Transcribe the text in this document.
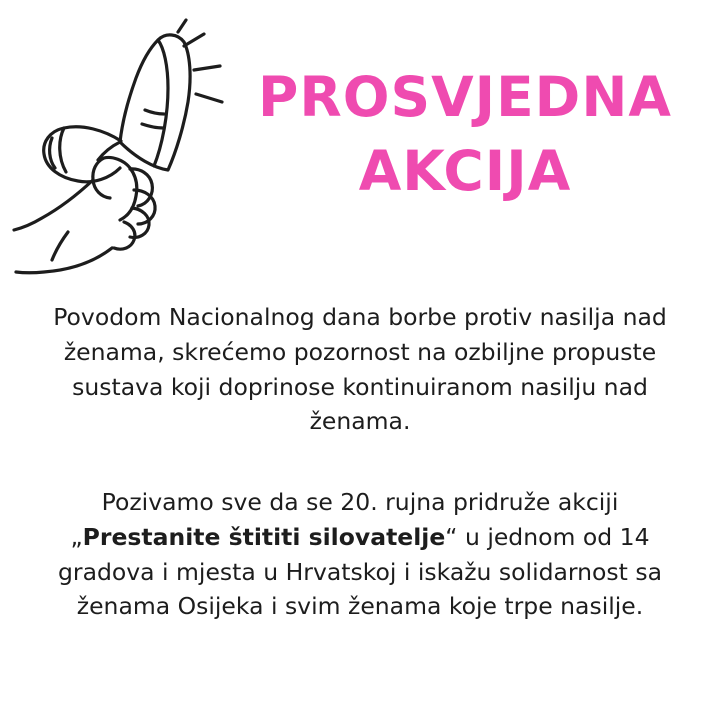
PROSVJEDNA

AKCIJA

Povodom Nacionalnog dana borbe protiv nasilja nad ženama, skrećemo pozornost na ozbiljne propuste sustava koji doprinose kontinuiranom nasilju nad ženama.

Pozivamo sve da se 20. rujna pridruže akciji „Prestanite štititi silovatelje“ u jednom od 14 gradova i mjesta u Hrvatskoj i iskažu solidarnost sa ženama Osijeka i svim ženama koje trpe nasilje.
